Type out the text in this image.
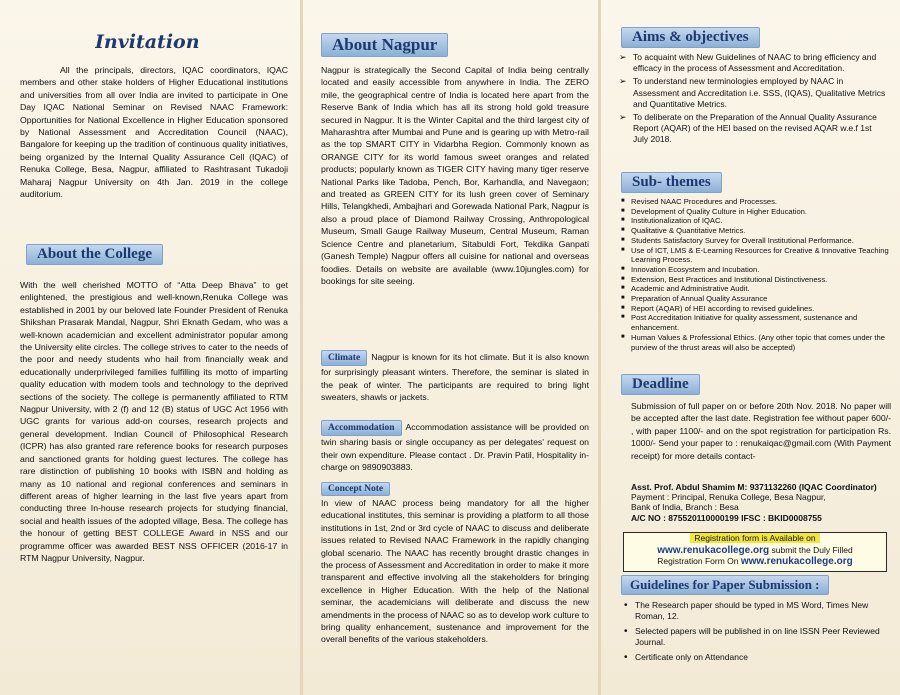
Invitation

All the principals, directors, IQAC coordinators, IQAC members and other stake holders of Higher Educational institutions and universities from all over India are invited to participate in One Day IQAC National Seminar on Revised NAAC Framework: Opportunities for National Excellence in Higher Education sponsored by National Assessment and Accreditation Council (NAAC), Bangalore for keeping up the tradition of continuous quality initiatives, being organized by the Internal Quality Assurance Cell (IQAC) of Renuka College, Besa, Nagpur, affiliated to Rashtrasant Tukadoji Maharaj Nagpur University on 4th Jan. 2019 in the college auditorium.

About the College

With the well cherished MOTTO of “Atta Deep Bhava” to get enlightened, the prestigious and well-known,Renuka College was established in 2001 by our beloved late Founder President of Renuka Shikshan Prasarak Mandal, Nagpur, Shri Eknath Gedam, who was a well-known academician and excellent administrator popular among the University elite circles. The college strives to cater to the needs of the poor and needy students who hail from financially weak and educationally underprivileged families fulfilling its motto of imparting quality education with modem tools and technology to the deprived sections of the society. The college is permanently affiliated to RTM Nagpur University, with 2 (f) and 12 (B) status of UGC Act 1956 with UGC grants for various add-on courses, research projects and general development. Indian Council of Philosophical Research (ICPR) has also granted rare reference books for research purposes and sanctioned grants for holding guest lectures. The college has rare distinction of publishing 10 books with ISBN and holding as many as 10 national and regional conferences and seminars in different areas of higher learning in the last five years apart from conducting three In-house research projects for studying financial, social and health issues of the adopted village, Besa. The college has the honour of getting BEST COLLEGE Award in NSS and our programme officer was awarded BEST NSS OFFICER (2016-17 in RTM Nagpur University, Nagpur.

About Nagpur

Nagpur is strategically the Second Capital of India being centrally located and easily accessible from anywhere in India. The ZERO mile, the geographical centre of India is located here apart from the Reserve Bank of India which has all its strong hold gold treasure secured in Nagpur. It is the Winter Capital and the third largest city of Maharashtra after Mumbai and Pune and is gearing up with Metro-rail as the top SMART CITY in Vidarbha Region. Commonly known as ORANGE CITY for its world famous sweet oranges and related products; popularly known as TIGER CITY having many tiger reserve National Parks like Tadoba, Pench, Bor, Karhandla, and Navegaon; and treated as GREEN CITY for its lush green cover of Seminary Hills, Telangkhedi, Ambajhari and Gorewada National Park, Nagpur is also a proud place of Diamond Railway Crossing, Anthropological Museum, Small Gauge Railway Museum, Central Museum, Raman Science Centre and planetarium, Sitabuldi Fort, Tekdika Ganpati (Ganesh Temple) Nagpur offers all cuisine for national and overseas foodies. Details on website are available (www.10jungles.com) for bookings for site seeing.

Climate Nagpur is known for its hot climate. But it is also known for surprisingly pleasant winters. Therefore, the seminar is slated in the peak of winter. The participants are required to bring light sweaters, shawls or jackets.

Accommodation Accommodation assistance will be provided on twin sharing basis or single occupancy as per delegates' request on their own expenditure. Please contact . Dr. Pravin Patil, Hospitality in-charge on 9890903883.

Concept Note

In view of NAAC process being mandatory for all the higher educational institutes, this seminar is providing a platform to all those institutions in 1st, 2nd or 3rd cycle of NAAC to discuss and deliberate issues related to Revised NAAC Framework in the rapidly changing global scenario. The NAAC has recently brought drastic changes in the process of Assessment and Accreditation in order to make it more transparent and effective involving all the stakeholders for bringing excellence in Higher Education. With the help of the National seminar, the academicians will deliberate and discuss the new amendments in the process of NAAC so as to develop work culture to bring quality enhancement, sustenance and improvement for the overall benefits of the various stakeholders.

Aims & objectives
➢ To acquaint with New Guidelines of NAAC to bring efficiency and efficacy in the process of Assessment and Accreditation.
➢ To understand new terminologies employed by NAAC in Assessment and Accreditation i.e. SSS, (IQAS), Qualitative Metrics and Quantitative Metrics.
➢ To deliberate on the Preparation of the Annual Quality Assurance Report (AQAR) of the HEI based on the revised AQAR w.e.f 1st July 2018.
Sub- themes
■ Revised NAAC Procedures and Processes.
■ Development of Quality Culture in Higher Education.
■ Institutionalization of IQAC.
■ Qualitative & Quantitative Metrics.
■ Students Satisfactory Survey for Overall Institutional Performance.
■ Use of ICT, LMS & E-Learning Resources for Creative & Innovative Teaching Learning Process.
■ Innovation Ecosystem and Incubation.
■ Extension, Best Practices and Institutional Distinctiveness.
■ Academic and Administrative Audit.
■ Preparation of Annual Quality Assurance
■ Report (AQAR) of HEI according to revised guidelines.
■ Post Accreditation Initiative for quality assessment, sustenance and enhancement.
■ Human Values & Professional Ethics. (Any other topic that comes under the purview of the thrust areas will also be accepted)
Deadline

Submission of full paper on or before 20th Nov. 2018. No paper will be accepted after the last date. Registration fee without paper 600/- , with paper 1100/- and on the spot registration for participation Rs. 1000/- Send your paper to : renukaiqac@gmail.com (With Payment receipt) for more details contact-

Asst. Prof. Abdul Shamim M: 9371132260 (IQAC Coordinator)
Payment : Principal, Renuka College, Besa Nagpur,
Bank of India, Branch : Besa
A/C NO : 875520110000199 IFSC : BKID0008755
Registration form is Available on
www.renukacollege.org submit the Duly Filled
Registration Form On www.renukacollege.org
Guidelines for Paper Submission :
• The Research paper should be typed in MS Word, Times New Roman, 12.
• Selected papers will be published in on line ISSN Peer Reviewed Journal.
• Certificate only on Attendance
